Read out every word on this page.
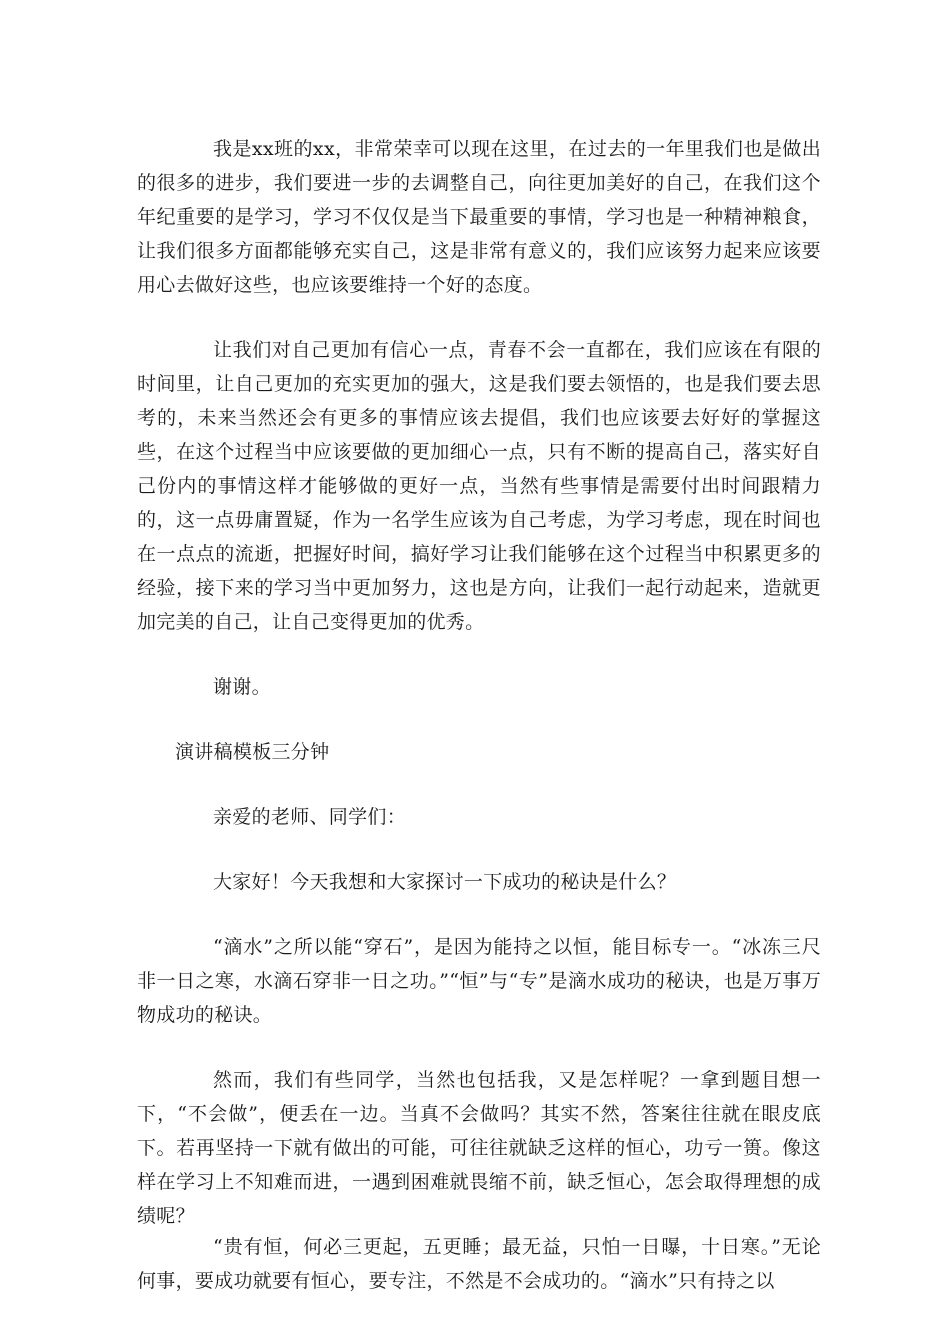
我是xx班的xx，非常荣幸可以现在这里，在过去的一年里我们也是做出的很多的进步，我们要进一步的去调整自己，向往更加美好的自己，在我们这个年纪重要的是学习，学习不仅仅是当下最重要的事情，学习也是一种精神粮食，让我们很多方面都能够充实自己，这是非常有意义的，我们应该努力起来应该要用心去做好这些，也应该要维持一个好的态度。

让我们对自己更加有信心一点，青春不会一直都在，我们应该在有限的时间里，让自己更加的充实更加的强大，这是我们要去领悟的，也是我们要去思考的，未来当然还会有更多的事情应该去提倡，我们也应该要去好好的掌握这些，在这个过程当中应该要做的更加细心一点，只有不断的提高自己，落实好自己份内的事情这样才能够做的更好一点，当然有些事情是需要付出时间跟精力的，这一点毋庸置疑，作为一名学生应该为自己考虑，为学习考虑，现在时间也在一点点的流逝，把握好时间，搞好学习让我们能够在这个过程当中积累更多的经验，接下来的学习当中更加努力，这也是方向，让我们一起行动起来，造就更加完美的自己，让自己变得更加的优秀。

谢谢。

演讲稿模板三分钟

亲爱的老师、同学们：

大家好！今天我想和大家探讨一下成功的秘诀是什么？

“滴水”之所以能“穿石”，是因为能持之以恒，能目标专一。“冰冻三尺非一日之寒，水滴石穿非一日之功。”“恒”与“专”是滴水成功的秘诀，也是万事万物成功的秘诀。

然而，我们有些同学，当然也包括我，又是怎样呢？一拿到题目想一下，“不会做”，便丢在一边。当真不会做吗？其实不然，答案往往就在眼皮底下。若再坚持一下就有做出的可能，可往往就缺乏这样的恒心，功亏一篑。像这样在学习上不知难而进，一遇到困难就畏缩不前，缺乏恒心，怎会取得理想的成绩呢？

“贵有恒，何必三更起，五更睡；最无益，只怕一日曝，十日寒。”无论何事，要成功就要有恒心，要专注，不然是不会成功的。“滴水”只有持之以
